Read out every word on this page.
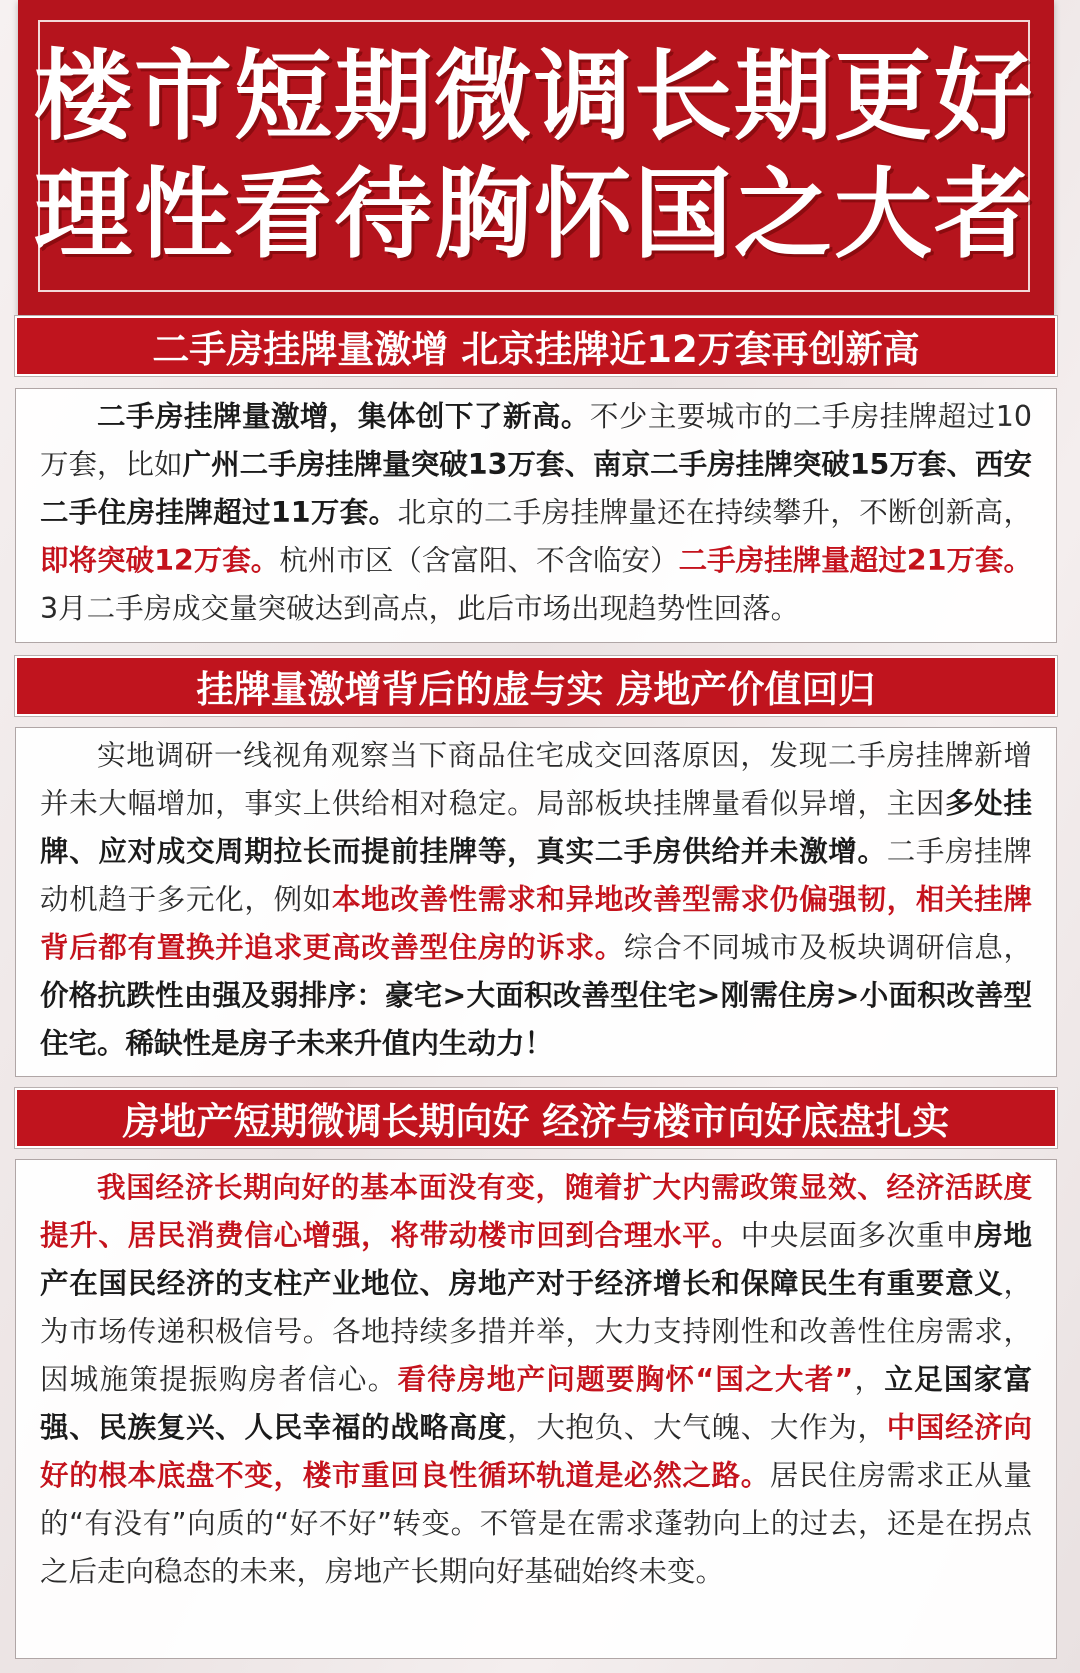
楼市短期微调长期更好
理性看待胸怀国之大者
二手房挂牌量激增 北京挂牌近12万套再创新高

二手房挂牌量激增，集体创下了新高。不少主要城市的二手房挂牌超过10万套，比如广州二手房挂牌量突破13万套、南京二手房挂牌突破15万套、西安二手住房挂牌超过11万套。北京的二手房挂牌量还在持续攀升，不断创新高，即将突破12万套。杭州市区（含富阳、不含临安）二手房挂牌量超过21万套。 3月二手房成交量突破达到高点，此后市场出现趋势性回落。

挂牌量激增背后的虚与实 房地产价值回归

实地调研一线视角观察当下商品住宅成交回落原因，发现二手房挂牌新增并未大幅增加，事实上供给相对稳定。局部板块挂牌量看似异增，主因多处挂牌、应对成交周期拉长而提前挂牌等，真实二手房供给并未激增。二手房挂牌动机趋于多元化，例如本地改善性需求和异地改善型需求仍偏强韧，相关挂牌背后都有置换并追求更高改善型住房的诉求。综合不同城市及板块调研信息，价格抗跌性由强及弱排序：豪宅>大面积改善型住宅>刚需住房>小面积改善型住宅。稀缺性是房子未来升值内生动力！

房地产短期微调长期向好 经济与楼市向好底盘扎实

我国经济长期向好的基本面没有变，随着扩大内需政策显效、经济活跃度提升、居民消费信心增强，将带动楼市回到合理水平。中央层面多次重申房地产在国民经济的支柱产业地位、房地产对于经济增长和保障民生有重要意义，为市场传递积极信号。各地持续多措并举，大力支持刚性和改善性住房需求，因城施策提振购房者信心。看待房地产问题要胸怀“国之大者”，立足国家富强、民族复兴、人民幸福的战略高度，大抱负、大气魄、大作为，中国经济向好的根本底盘不变，楼市重回良性循环轨道是必然之路。居民住房需求正从量的“有没有”向质的“好不好”转变。不管是在需求蓬勃向上的过去，还是在拐点之后走向稳态的未来，房地产长期向好基础始终未变。
